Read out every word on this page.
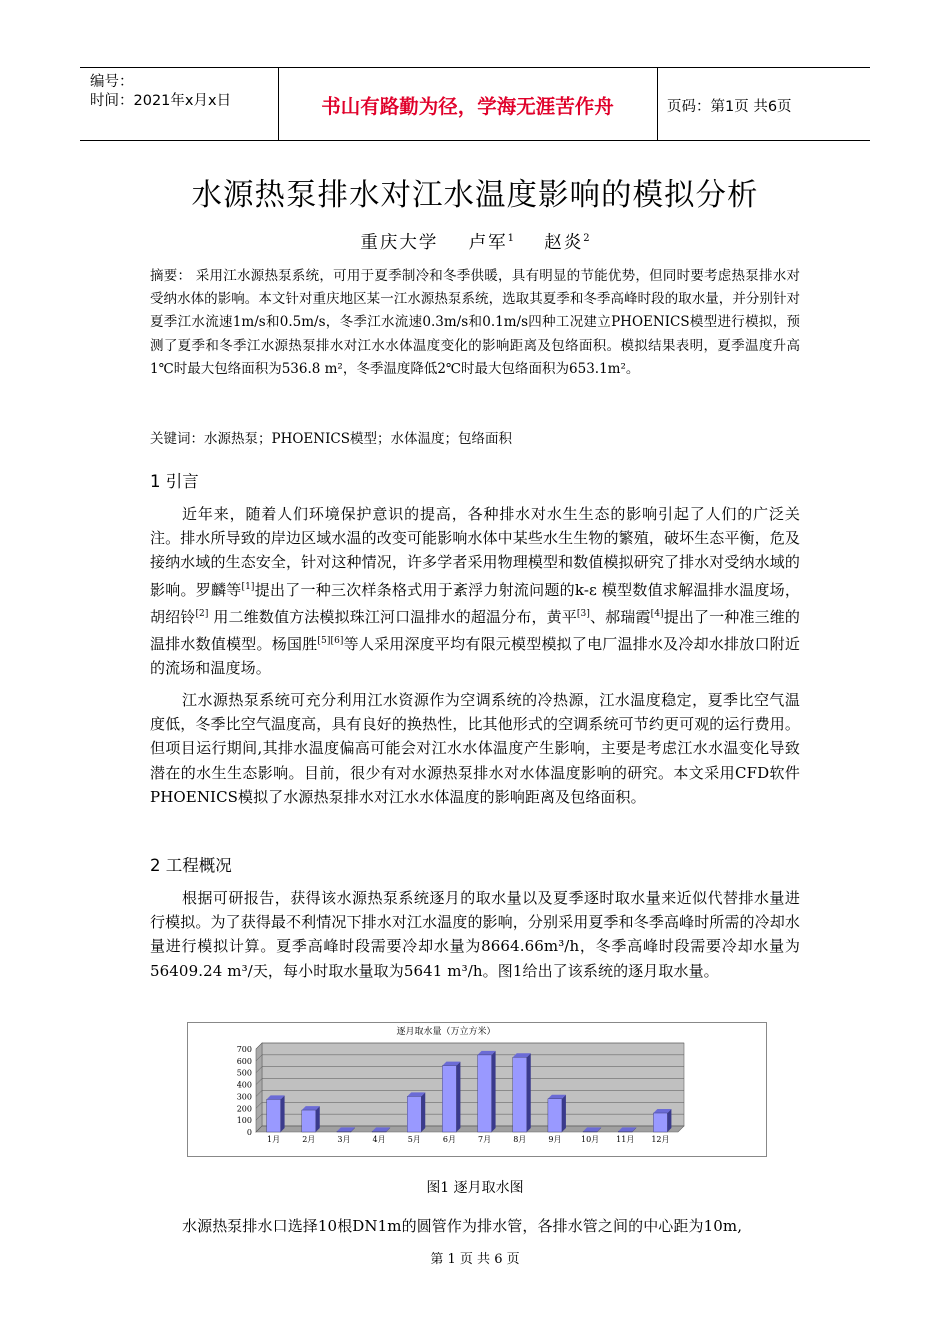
编号：
时间：2021年x月x日	书山有路勤为径，学海无涯苦作舟	页码：第1页 共6页
水源热泵排水对江水温度影响的模拟分析
重庆大学 卢军$^1$ 赵炎$^2$
摘要： 采用江水源热泵系统，可用于夏季制冷和冬季供暖，具有明显的节能优势，但同时要考虑热泵排水对受纳水体的影响。本文针对重庆地区某一江水源热泵系统，选取其夏季和冬季高峰时段的取水量，并分别针对夏季江水流速1m/s和0.5m/s，冬季江水流速0.3m/s和0.1m/s四种工况建立PHOENICS模型进行模拟，预测了夏季和冬季江水源热泵排水对江水水体温度变化的影响距离及包络面积。模拟结果表明，夏季温度升高1℃时最大包络面积为536.8 m²，冬季温度降低2℃时最大包络面积为653.1m²。
关键词：水源热泵；PHOENICS模型；水体温度；包络面积
1 引言
近年来，随着人们环境保护意识的提高，各种排水对水生生态的影响引起了人们的广泛关注。排水所导致的岸边区域水温的改变可能影响水体中某些水生生物的繁殖，破坏生态平衡，危及接纳水域的生态安全，针对这种情况，许多学者采用物理模型和数值模拟研究了排水对受纳水域的影响。罗麟等[1]提出了一种三次样条格式用于紊浮力射流问题的k-ε 模型数值求解温排水温度场，胡绍铃[2] 用二维数值方法模拟珠江河口温排水的超温分布，黄平[3]、郝瑞霞[4]提出了一种准三维的温排水数值模型。杨国胜[5][6]等人采用深度平均有限元模型模拟了电厂温排水及冷却水排放口附近的流场和温度场。
江水源热泵系统可充分利用江水资源作为空调系统的冷热源，江水温度稳定，夏季比空气温度低，冬季比空气温度高，具有良好的换热性，比其他形式的空调系统可节约更可观的运行费用。但项目运行期间,其排水温度偏高可能会对江水水体温度产生影响，主要是考虑江水水温变化导致潜在的水生生态影响。目前，很少有对水源热泵排水对水体温度影响的研究。本文采用CFD软件PHOENICS模拟了水源热泵排水对江水水体温度的影响距离及包络面积。
2 工程概况
根据可研报告，获得该水源热泵系统逐月的取水量以及夏季逐时取水量来近似代替排水量进行模拟。为了获得最不利情况下排水对江水温度的影响，分别采用夏季和冬季高峰时所需的冷却水量进行模拟计算。夏季高峰时段需要冷却水量为8664.66m³/h，冬季高峰时段需要冷却水量为56409.24 m³/天，每小时取水量取为5641 m³/h。图1给出了该系统的逐月取水量。
逐月取水量（万立方米）
0
100
200
300
400
500
600
700
1月	2月	3月	4月	5月	6月	7月	8月	9月 10月 11月 12月
图1 逐月取水图
水源热泵排水口选择10根DN1m的圆管作为排水管，各排水管之间的中心距为10m,
第 1 页 共 6 页
